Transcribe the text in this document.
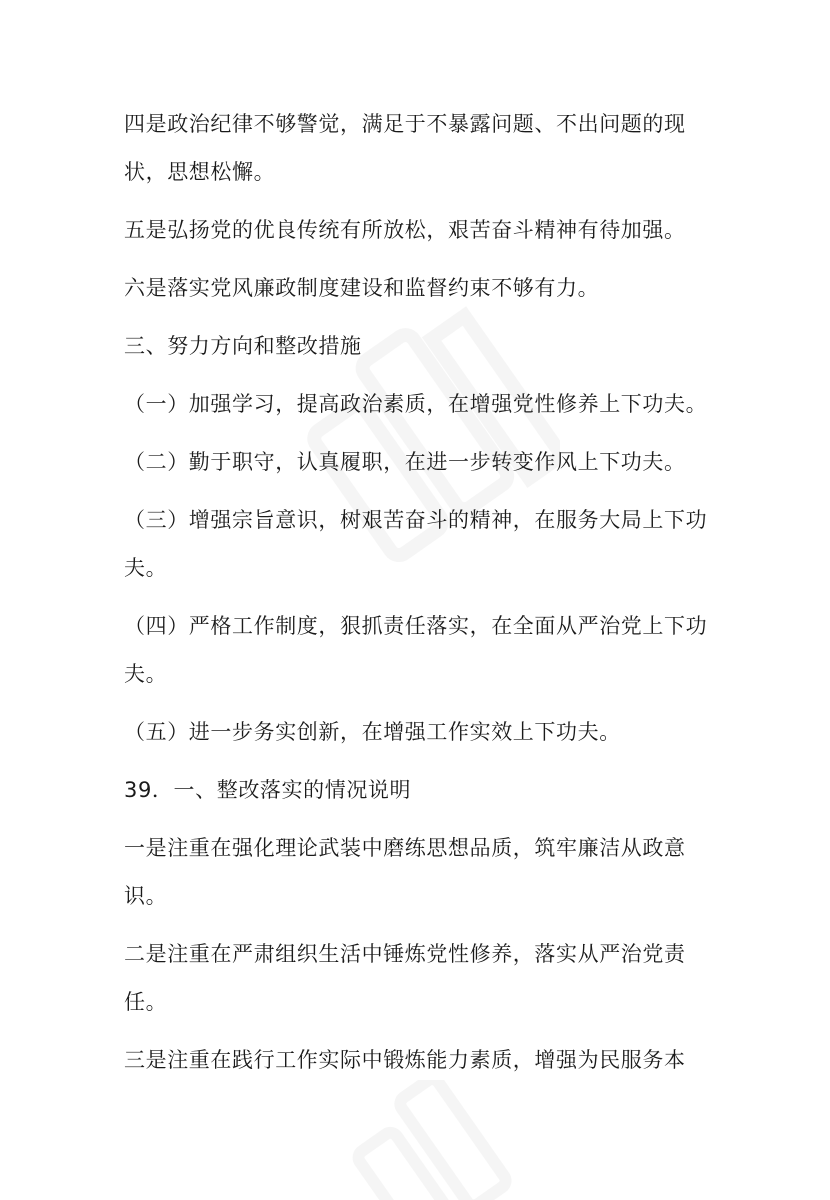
四是政治纪律不够警觉，满足于不暴露问题、不出问题的现状，思想松懈。

五是弘扬党的优良传统有所放松，艰苦奋斗精神有待加强。

六是落实党风廉政制度建设和监督约束不够有力。

三、努力方向和整改措施

（一）加强学习，提高政治素质，在增强党性修养上下功夫。

（二）勤于职守，认真履职，在进一步转变作风上下功夫。

（三）增强宗旨意识，树艰苦奋斗的精神，在服务大局上下功夫。

（四）严格工作制度，狠抓责任落实，在全面从严治党上下功夫。

（五）进一步务实创新，在增强工作实效上下功夫。

39．一、整改落实的情况说明

一是注重在强化理论武装中磨练思想品质，筑牢廉洁从政意识。

二是注重在严肃组织生活中锤炼党性修养，落实从严治党责任。

三是注重在践行工作实际中锻炼能力素质，增强为民服务本
